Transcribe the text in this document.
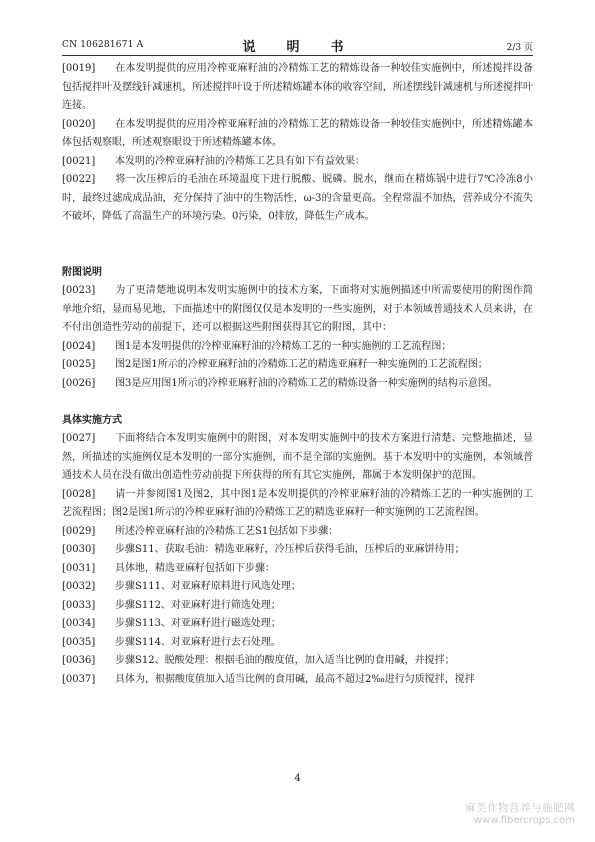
CN 106281671 A	说　明　书	2/3 页

[0019] 在本发明提供的应用冷榨亚麻籽油的冷精炼工艺的精炼设备一种较佳实施例中，所述搅拌设备包括搅拌叶及摆线针减速机，所述搅拌叶设于所述精炼罐本体的收容空间，所述摆线针减速机与所述搅拌叶连接。

[0020] 在本发明提供的应用冷榨亚麻籽油的冷精炼工艺的精炼设备一种较佳实施例中，所述精炼罐本体包括观察眼，所述观察眼设于所述精炼罐本体。

[0021] 本发明的冷榨亚麻籽油的冷精炼工艺具有如下有益效果：

[0022] 将一次压榨后的毛油在环境温度下进行脱酸、脱磷、脱水，继而在精炼锅中进行7℃冷冻8小时，最终过滤成成品油，充分保持了油中的生物活性，ω-3的含量更高。全程常温不加热，营养成分不流失不破坏，降低了高温生产的环境污染。0污染，0排放，降低生产成本。

附图说明

[0023] 为了更清楚地说明本发明实施例中的技术方案，下面将对实施例描述中所需要使用的附图作简单地介绍，显而易见地，下面描述中的附图仅仅是本发明的一些实施例，对于本领域普通技术人员来讲，在不付出创造性劳动的前提下，还可以根据这些附图获得其它的附图，其中：

[0024] 图1是本发明提供的冷榨亚麻籽油的冷精炼工艺的一种实施例的工艺流程图；

[0025] 图2是图1所示的冷榨亚麻籽油的冷精炼工艺的精选亚麻籽一种实施例的工艺流程图；

[0026] 图3是应用图1所示的冷榨亚麻籽油的冷精炼工艺的精炼设备一种实施例的结构示意图。

具体实施方式

[0027] 下面将结合本发明实施例中的附图，对本发明实施例中的技术方案进行清楚、完整地描述，显然，所描述的实施例仅是本发明的一部分实施例，而不是全部的实施例。基于本发明中的实施例，本领域普通技术人员在没有做出创造性劳动前提下所获得的所有其它实施例，都属于本发明保护的范围。

[0028] 请一并参阅图1及图2，其中图1是本发明提供的冷榨亚麻籽油的冷精炼工艺的一种实施例的工艺流程图；图2是图1所示的冷榨亚麻籽油的冷精炼工艺的精选亚麻籽一种实施例的工艺流程图。

[0029] 所述冷榨亚麻籽油的冷精炼工艺S1包括如下步骤：

[0030] 步骤S11、获取毛油：精选亚麻籽，冷压榨后获得毛油，压榨后的亚麻饼待用；

[0031] 具体地，精选亚麻籽包括如下步骤：

[0032] 步骤S111、对亚麻籽原料进行风选处理；

[0033] 步骤S112、对亚麻籽进行筛选处理；

[0034] 步骤S113、对亚麻籽进行磁选处理；

[0035] 步骤S114、对亚麻籽进行去石处理。

[0036] 步骤S12、脱酸处理：根据毛油的酸度值，加入适当比例的食用碱，并搅拌；

[0037] 具体为，根据酸度值加入适当比例的食用碱，最高不超过2‰进行匀质搅拌，搅拌

4
麻类作物营养与施肥网
www.fibercrops.com
